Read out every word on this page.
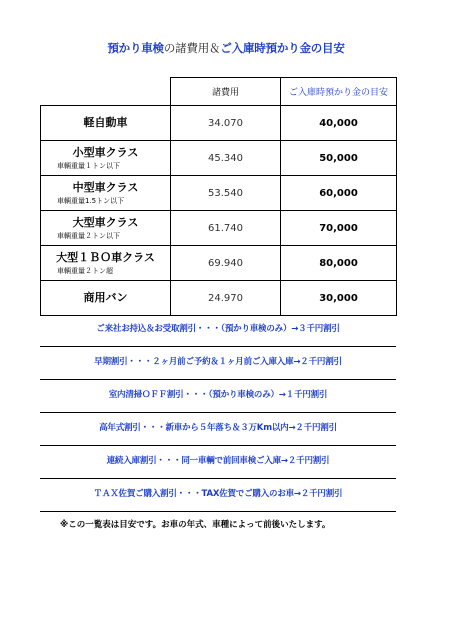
預かり車検の諸費用＆ご入庫時預かり金の目安
	諸費用	ご入庫時預かり金の目安

軽自動車	34.070	40,000

小型車クラス
車輌重量１トン以下	45.340	50,000

中型車クラス
車輌重量1.5トン以下	53.540	60,000

大型車クラス
車輌重量２トン以下	61.740	70,000

大型１ＢＯ車クラス
車輌重量２トン超	69.940	80,000

商用バン	24.970	30,000
ご来社お持込＆お受取割引・・・（預かり車検のみ）→３千円割引
早期割引・・・２ヶ月前ご予約＆１ヶ月前ご入庫入庫→２千円割引
室内清掃ＯＦＦ割引・・・（預かり車検のみ）→１千円割引
高年式割引・・・新車から５年落ち＆３万Km以内→２千円割引
連続入庫割引・・・同一車輌で前回車検ご入庫→２千円割引
ＴＡＸ佐賀ご購入割引・・・TAX佐賀でご購入のお車→２千円割引
※この一覧表は目安です。お車の年式、車種によって前後いたします。
